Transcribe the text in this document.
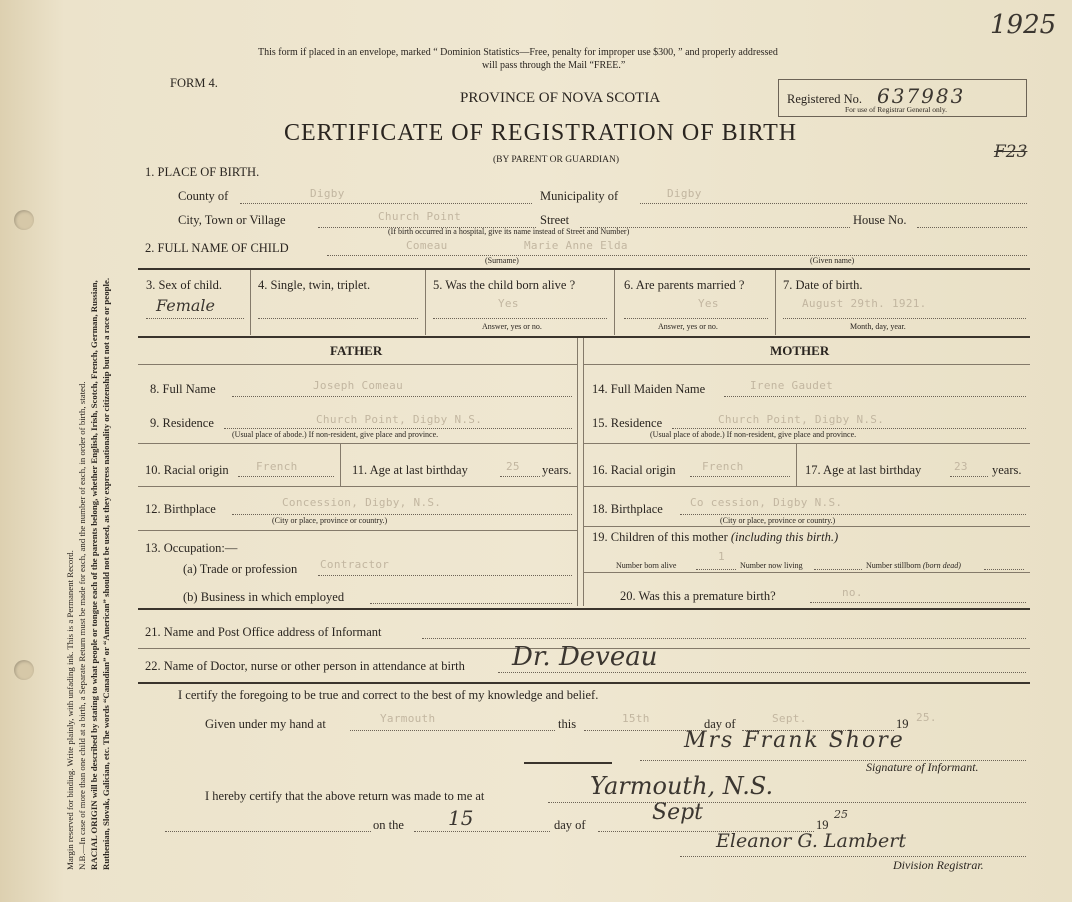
Margin reserved for binding. Write plainly, with unfading ink. This is a Permanent Record. N.B.—In case of more than one child at a birth, a Separate Return must be made for each, and the number of each, in order of birth, stated. RACIAL ORIGIN will be described by stating to what people or tongue each of the parents belong, whether English, Irish, Scotch, French, German, Russian, Ruthenian, Slovak, Galician, etc. The words “Canadian” or “American” should not be used, as they express nationality or citizenship but not a race or people.
This form if placed in an envelope, marked “ Dominion Statistics—Free, penalty for improper use $300, ” and properly addressed
will pass through the Mail “FREE.”
FORM 4.
PROVINCE OF NOVA SCOTIA
CERTIFICATE OF REGISTRATION OF BIRTH
(BY PARENT OR GUARDIAN)
1925
F23
Registered No. 637983
For use of Registrar General only.
1. PLACE OF BIRTH.
County of	Digby	Municipality of	Digby
City, Town or Village	Church Point	Street	House No.
(If birth occurred in a hospital, give its name instead of Street and Number)
2. FULL NAME OF CHILD	Comeau	Marie Anne Elda
(Surname)	(Given name)
3. Sex of child.
Female
4. Single, twin, triplet.	5. Was the child born alive ?
Yes
Answer, yes or no.
6. Are parents married ?
Yes
Answer, yes or no.
7. Date of birth.
August 29th. 1921.
Month, day, year.
FATHER	MOTHER
8. Full Name	Joseph Comeau
9. Residence	Church Point, Digby N.S.
(Usual place of abode.) If non-resident, give place and province.
10. Racial origin French	11. Age at last birthday	25 years.
12. Birthplace	Concession, Digby, N.S.
(City or place, province or country.)
13. Occupation:—
(a) Trade or profession Contractor
(b) Business in which employed
14. Full Maiden Name	Irene Gaudet
15. Residence	Church Point, Digby N.S.
(Usual place of abode.) If non-resident, give place and province.
16. Racial origin French	17. Age at last birthday	23 years.
18. Birthplace Co cession, Digby N.S.
(City or place, province or country.)
19. Children of this mother (including this birth.)
Number born alive
1
Number now living	Number stillborn (born dead)
20. Was this a premature birth?	no.
21. Name and Post Office address of Informant
22. Name of Doctor, nurse or other person in attendance at birth Dr. Deveau
I certify the foregoing to be true and correct to the best of my knowledge and belief.
Given under my hand at	Yarmouth	this	15th	day of	Sept.	19 25.
Mrs Frank Shore
Signature of Informant.
I hereby certify that the above return was made to me at	Yarmouth, N.S.
on the 15	day of	Sept	19
25
Eleanor G. Lambert
Division Registrar.
